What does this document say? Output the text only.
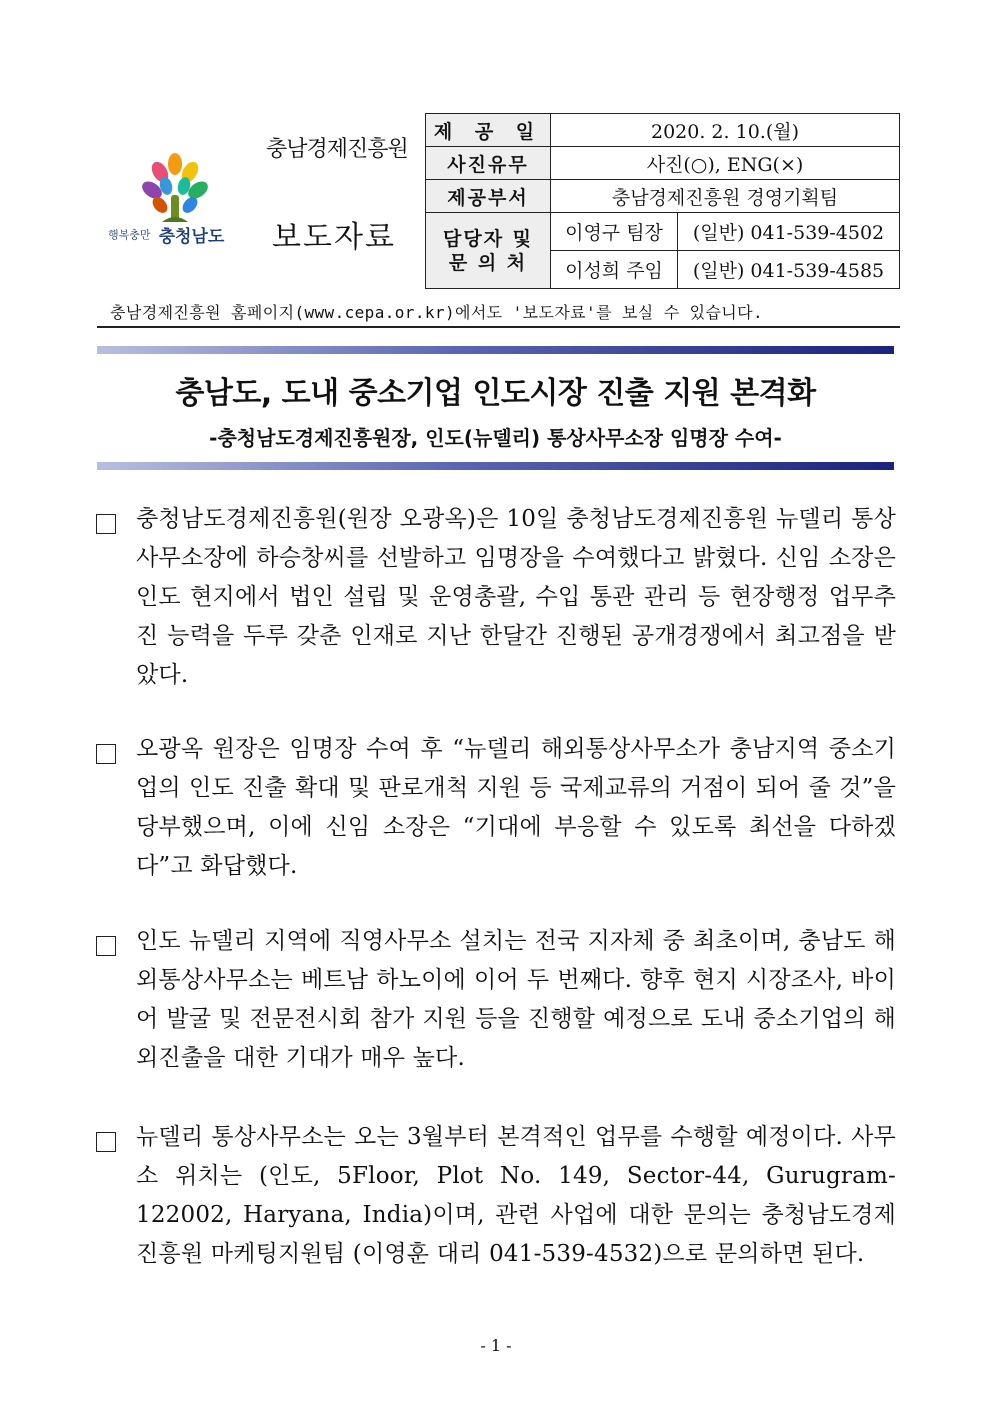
행복충만 충청남도
충남경제진흥원
보도자료
제 공 일	2020. 2. 10.(월)	
사진유무	사진(○), ENG(×)	
제공부서	충남경제진흥원 경영기획팀	

담당자 및
문 의 처	이영구 팀장	(일반) 041-539-4502
	이성희 주임	(일반) 041-539-4585
충남경제진흥원 홈페이지(www.cepa.or.kr)에서도 '보도자료'를 보실 수 있습니다.
충남도, 도내 중소기업 인도시장 진출 지원 본격화
-충청남도경제진흥원장, 인도(뉴델리) 통상사무소장 임명장 수여-
충청남도경제진흥원(원장 오광옥)은 10일 충청남도경제진흥원 뉴델리 통상사무소장에 하승창씨를 선발하고 임명장을 수여했다고 밝혔다. 신임 소장은 인도 현지에서 법인 설립 및 운영총괄, 수입 통관 관리 등 현장행정 업무추진 능력을 두루 갖춘 인재로 지난 한달간 진행된 공개경쟁에서 최고점을 받았다.
오광옥 원장은 임명장 수여 후 “뉴델리 해외통상사무소가 충남지역 중소기업의 인도 진출 확대 및 판로개척 지원 등 국제교류의 거점이 되어 줄 것”을 당부했으며, 이에 신임 소장은 “기대에 부응할 수 있도록 최선을 다하겠다”고 화답했다.
인도 뉴델리 지역에 직영사무소 설치는 전국 지자체 중 최초이며, 충남도 해외통상사무소는 베트남 하노이에 이어 두 번째다. 향후 현지 시장조사, 바이어 발굴 및 전문전시회 참가 지원 등을 진행할 예정으로 도내 중소기업의 해외진출을 대한 기대가 매우 높다.
뉴델리 통상사무소는 오는 3월부터 본격적인 업무를 수행할 예정이다. 사무소 위치는 (인도, 5Floor, Plot No. 149, Sector-44, Gurugram-122002, Haryana, India)이며, 관련 사업에 대한 문의는 충청남도경제진흥원 마케팅지원팀 (이영훈 대리 041-539-4532)으로 문의하면 된다.
- 1 -
